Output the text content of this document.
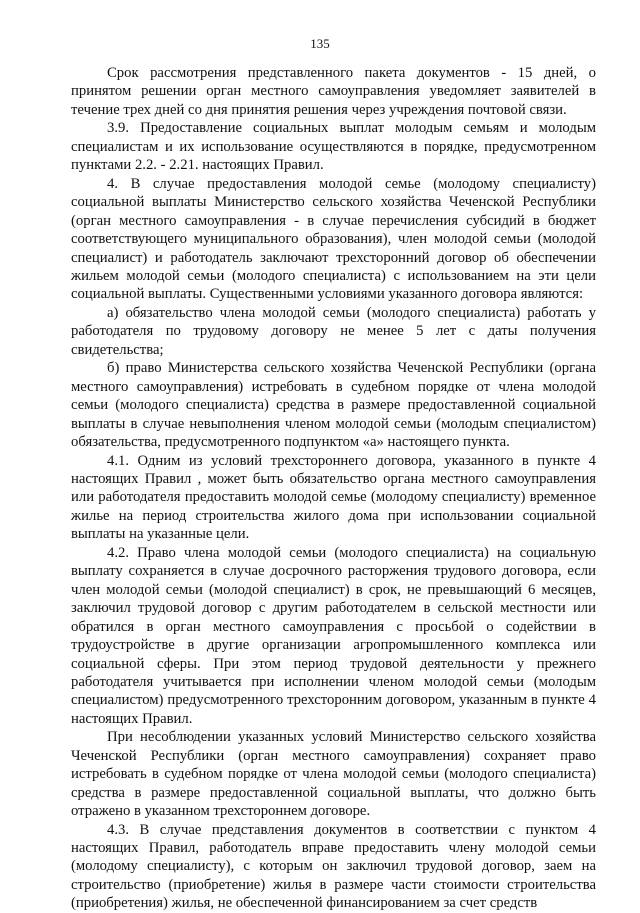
135

Срок рассмотрения представленного пакета документов - 15 дней, о принятом решении орган местного самоуправления уведомляет заявителей в течение трех дней со дня принятия решения через учреждения почтовой связи.

3.9. Предоставление социальных выплат молодым семьям и молодым специалистам и их использование осуществляются в порядке, предусмотренном пунктами 2.2. - 2.21. настоящих Правил.

4. В случае предоставления молодой семье (молодому специалисту) социальной выплаты Министерство сельского хозяйства Чеченской Республики (орган местного самоуправления - в случае перечисления субсидий в бюджет соответствующего муниципального образования), член молодой семьи (молодой специалист) и работодатель заключают трехсторонний договор об обеспечении жильем молодой семьи (молодого специалиста) с использованием на эти цели социальной выплаты. Существенными условиями указанного договора являются:

а) обязательство члена молодой семьи (молодого специалиста) работать у работодателя по трудовому договору не менее 5 лет с даты получения свидетельства;

б) право Министерства сельского хозяйства Чеченской Республики (органа местного самоуправления) истребовать в судебном порядке от члена молодой семьи (молодого специалиста) средства в размере предоставленной социальной выплаты в случае невыполнения членом молодой семьи (молодым специалистом) обязательства, предусмотренного подпунктом «а» настоящего пункта.

4.1. Одним из условий трехстороннего договора, указанного в пункте 4 настоящих Правил , может быть обязательство органа местного самоуправления или работодателя предоставить молодой семье (молодому специалисту) временное жилье на период строительства жилого дома при использовании социальной выплаты на указанные цели.

4.2. Право члена молодой семьи (молодого специалиста) на социальную выплату сохраняется в случае досрочного расторжения трудового договора, если член молодой семьи (молодой специалист) в срок, не превышающий 6 месяцев, заключил трудовой договор с другим работодателем в сельской местности или обратился в орган местного самоуправления с просьбой о содействии в трудоустройстве в другие организации агропромышленного комплекса или социальной сферы. При этом период трудовой деятельности у прежнего работодателя учитывается при исполнении членом молодой семьи (молодым специалистом) предусмотренного трехсторонним договором, указанным в пункте 4 настоящих Правил.

При несоблюдении указанных условий Министерство сельского хозяйства Чеченской Республики (орган местного самоуправления) сохраняет право истребовать в судебном порядке от члена молодой семьи (молодого специалиста) средства в размере предоставленной социальной выплаты, что должно быть отражено в указанном трехстороннем договоре.

4.3. В случае представления документов в соответствии с пунктом 4 настоящих Правил, работодатель вправе предоставить члену молодой семьи (молодому специалисту), с которым он заключил трудовой договор, заем на строительство (приобретение) жилья в размере части стоимости строительства (приобретения) жилья, не обеспеченной финансированием за счет средств
